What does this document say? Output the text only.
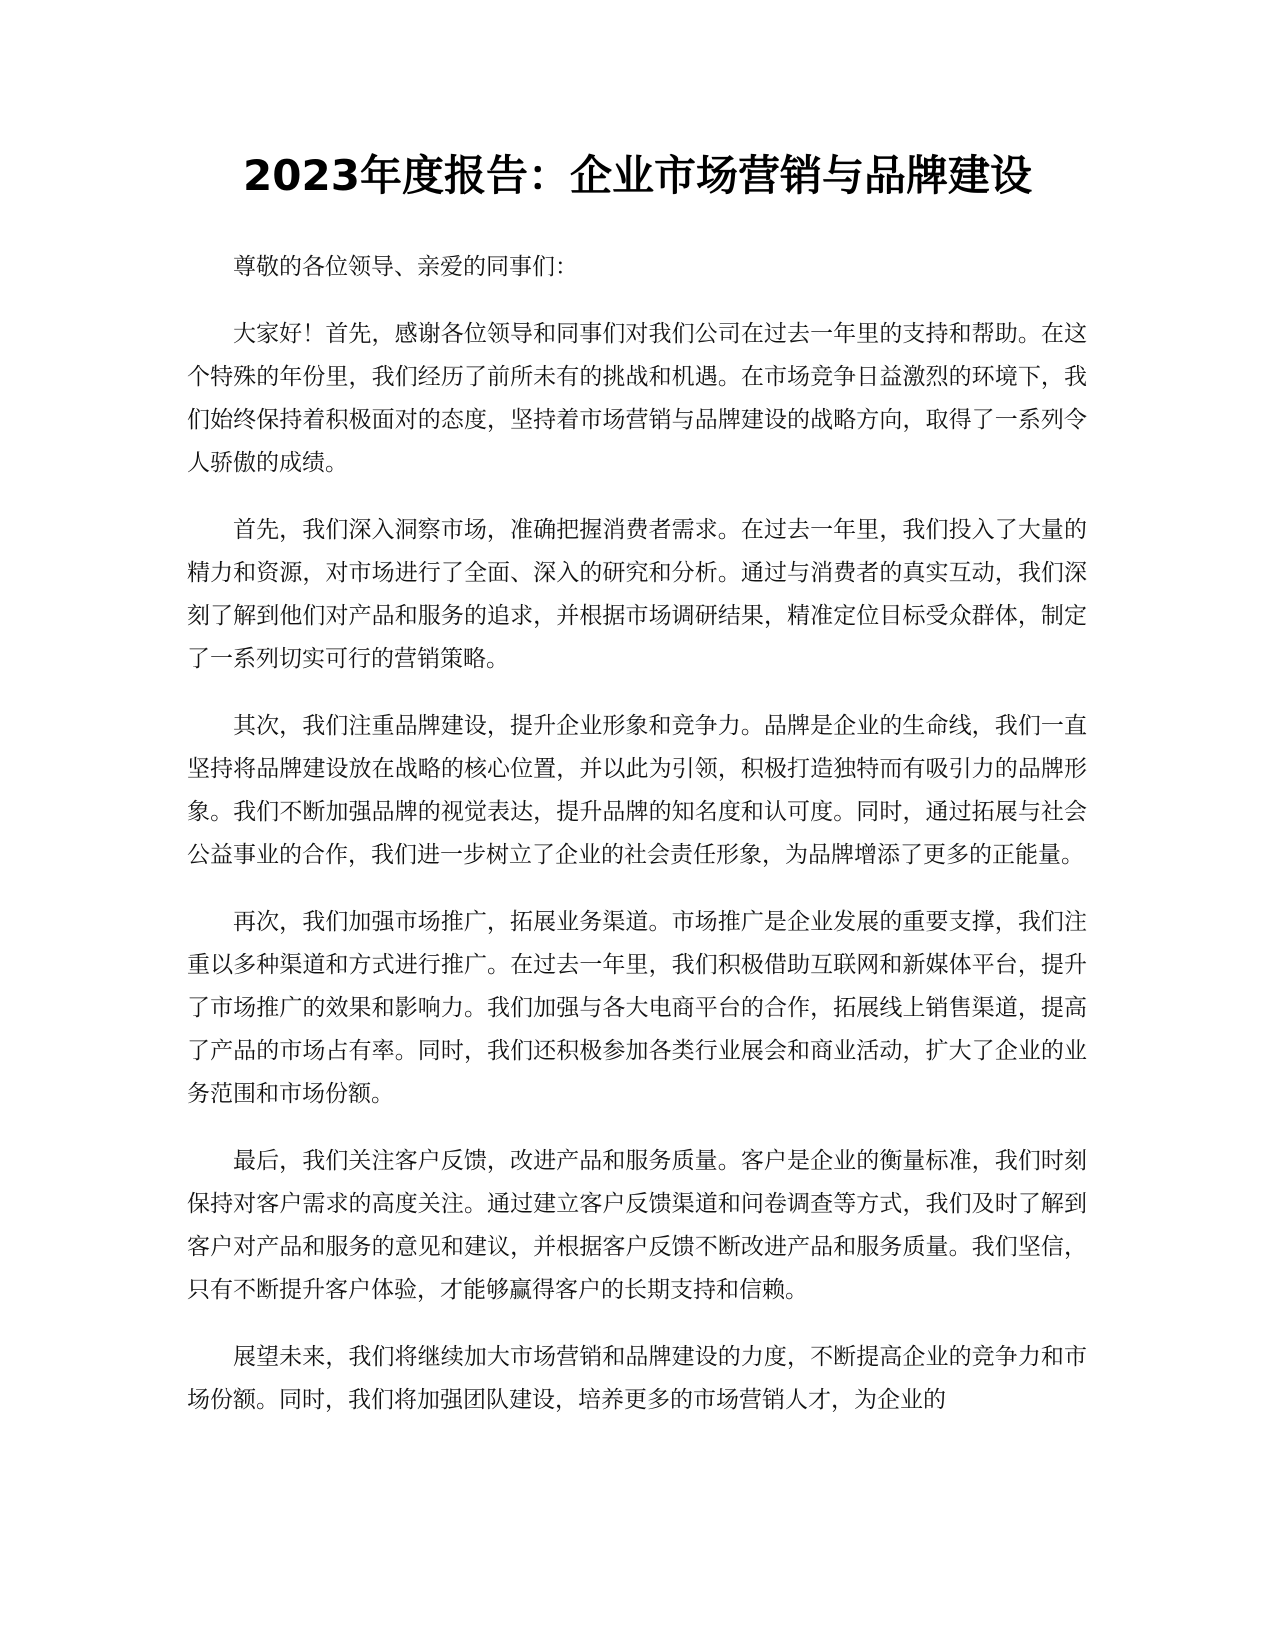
2023年度报告：企业市场营销与品牌建设

尊敬的各位领导、亲爱的同事们：

大家好！首先，感谢各位领导和同事们对我们公司在过去一年里的支持和帮助。在这个特殊的年份里，我们经历了前所未有的挑战和机遇。在市场竞争日益激烈的环境下，我们始终保持着积极面对的态度，坚持着市场营销与品牌建设的战略方向，取得了一系列令人骄傲的成绩。

首先，我们深入洞察市场，准确把握消费者需求。在过去一年里，我们投入了大量的精力和资源，对市场进行了全面、深入的研究和分析。通过与消费者的真实互动，我们深刻了解到他们对产品和服务的追求，并根据市场调研结果，精准定位目标受众群体，制定了一系列切实可行的营销策略。

其次，我们注重品牌建设，提升企业形象和竞争力。品牌是企业的生命线，我们一直坚持将品牌建设放在战略的核心位置，并以此为引领，积极打造独特而有吸引力的品牌形象。我们不断加强品牌的视觉表达，提升品牌的知名度和认可度。同时，通过拓展与社会公益事业的合作，我们进一步树立了企业的社会责任形象，为品牌增添了更多的正能量。

再次，我们加强市场推广，拓展业务渠道。市场推广是企业发展的重要支撑，我们注重以多种渠道和方式进行推广。在过去一年里，我们积极借助互联网和新媒体平台，提升了市场推广的效果和影响力。我们加强与各大电商平台的合作，拓展线上销售渠道，提高了产品的市场占有率。同时，我们还积极参加各类行业展会和商业活动，扩大了企业的业务范围和市场份额。

最后，我们关注客户反馈，改进产品和服务质量。客户是企业的衡量标准，我们时刻保持对客户需求的高度关注。通过建立客户反馈渠道和问卷调查等方式，我们及时了解到客户对产品和服务的意见和建议，并根据客户反馈不断改进产品和服务质量。我们坚信，只有不断提升客户体验，才能够赢得客户的长期支持和信赖。

展望未来，我们将继续加大市场营销和品牌建设的力度，不断提高企业的竞争力和市场份额。同时，我们将加强团队建设，培养更多的市场营销人才，为企业的
